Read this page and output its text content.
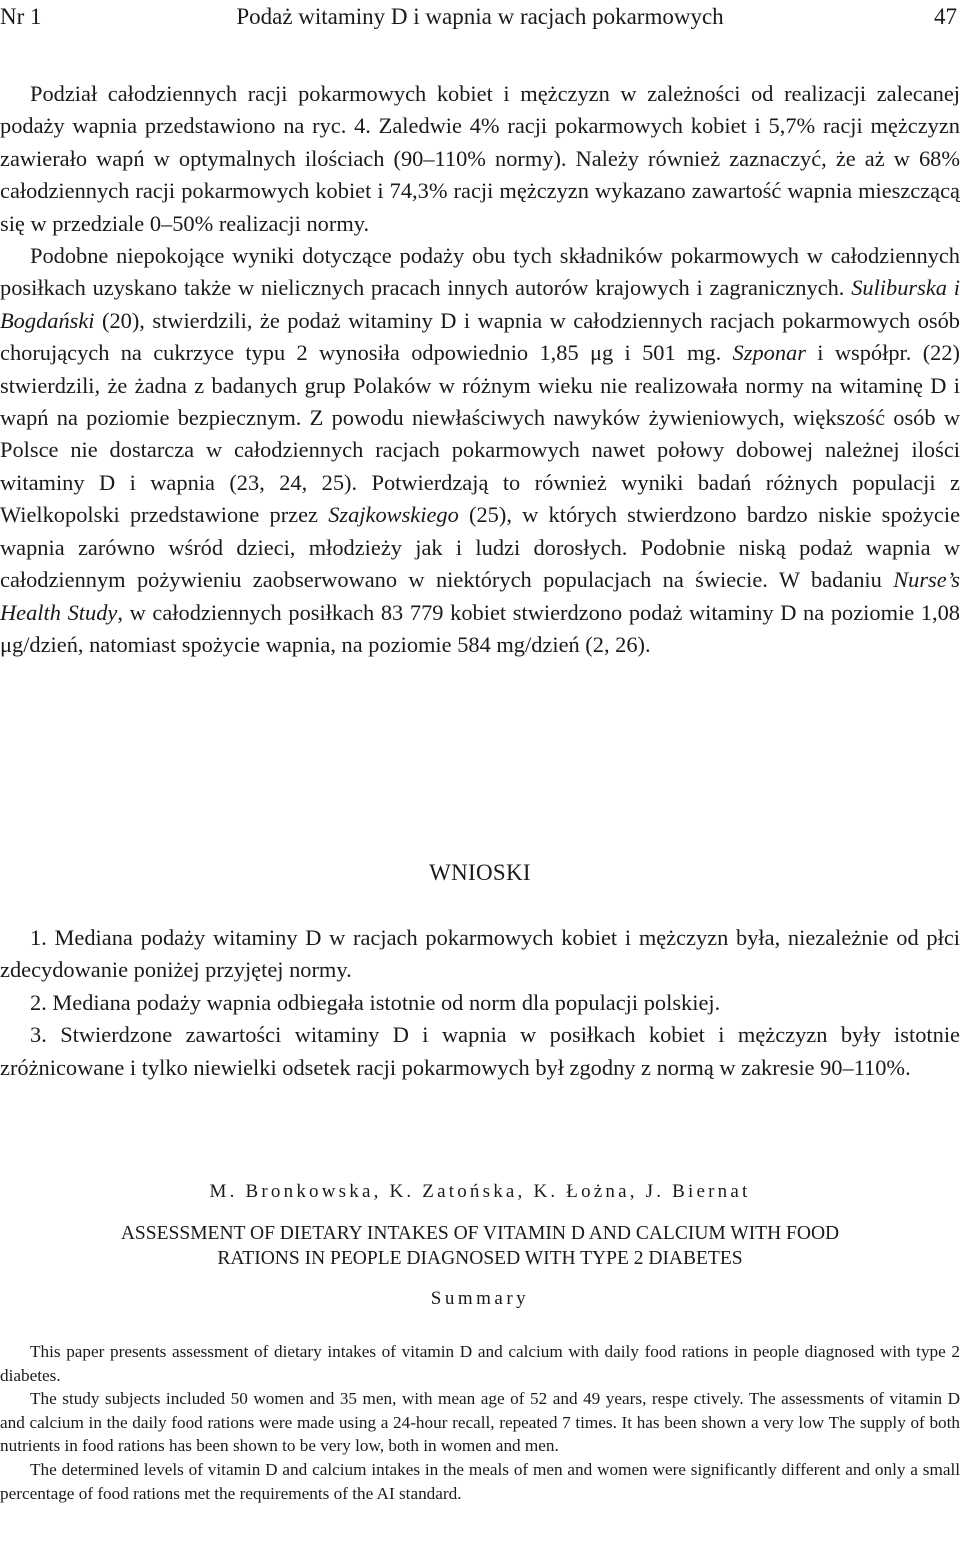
Nr 1	Podaż witaminy D i wapnia w racjach pokarmowych	47

Podział całodziennych racji pokarmowych kobiet i mężczyzn w zależności od realizacji zalecanej podaży wapnia przedstawiono na ryc. 4. Zaledwie 4% racji pokarmowych kobiet i 5,7% racji mężczyzn zawierało wapń w optymalnych ilościach (90–110% normy). Należy również zaznaczyć, że aż w 68% całodziennych racji pokarmowych kobiet i 74,3% racji mężczyzn wykazano zawartość wapnia mieszczącą się w przedziale 0–50% realizacji normy.

Podobne niepokojące wyniki dotyczące podaży obu tych składników pokarmowych w całodziennych posiłkach uzyskano także w nielicznych pracach innych autorów krajowych i zagranicznych. Suliburska i Bogdański (20), stwierdzili, że podaż witaminy D i wapnia w całodziennych racjach pokarmowych osób chorujących na cukrzyce typu 2 wynosiła odpowiednio 1,85 μg i 501 mg. Szponar i współpr. (22) stwierdzili, że żadna z badanych grup Polaków w różnym wieku nie realizowała normy na witaminę D i wapń na poziomie bezpiecznym. Z powodu niewłaściwych nawyków żywieniowych, większość osób w Polsce nie dostarcza w całodziennych racjach pokarmowych nawet połowy dobowej należnej ilości witaminy D i wapnia (23, 24, 25). Potwierdzają to również wyniki badań różnych populacji z Wielkopolski przedstawione przez Szajkowskiego (25), w których stwierdzono bardzo niskie spożycie wapnia zarówno wśród dzieci, młodzieży jak i ludzi dorosłych. Podobnie niską podaż wapnia w całodziennym pożywieniu zaobserwowano w niektórych populacjach na świecie. W badaniu Nurse’s Health Study, w całodziennych posiłkach 83 779 kobiet stwierdzono podaż witaminy D na poziomie 1,08 μg/dzień, natomiast spożycie wapnia, na poziomie 584 mg/dzień (2, 26).

WNIOSKI

1. Mediana podaży witaminy D w racjach pokarmowych kobiet i mężczyzn była, niezależnie od płci zdecydowanie poniżej przyjętej normy.

2. Mediana podaży wapnia odbiegała istotnie od norm dla populacji polskiej.

3. Stwierdzone zawartości witaminy D i wapnia w posiłkach kobiet i mężczyzn były istotnie zróżnicowane i tylko niewielki odsetek racji pokarmowych był zgodny z normą w zakresie 90–110%.

M. Bronkowska, K. Zatońska, K. Łożna, J. Biernat
ASSESSMENT OF DIETARY INTAKES OF VITAMIN D AND CALCIUM WITH FOOD
RATIONS IN PEOPLE DIAGNOSED WITH TYPE 2 DIABETES
Summary

This paper presents assessment of dietary intakes of vitamin D and calcium with daily food rations in people diagnosed with type 2 diabetes.

The study subjects included 50 women and 35 men, with mean age of 52 and 49 years, respe ctively. The assessments of vitamin D and calcium in the daily food rations were made using a 24-hour recall, repeated 7 times. It has been shown a very low The supply of both nutrients in food rations has been shown to be very low, both in women and men.

The determined levels of vitamin D and calcium intakes in the meals of men and women were significantly different and only a small percentage of food rations met the requirements of the AI standard.
